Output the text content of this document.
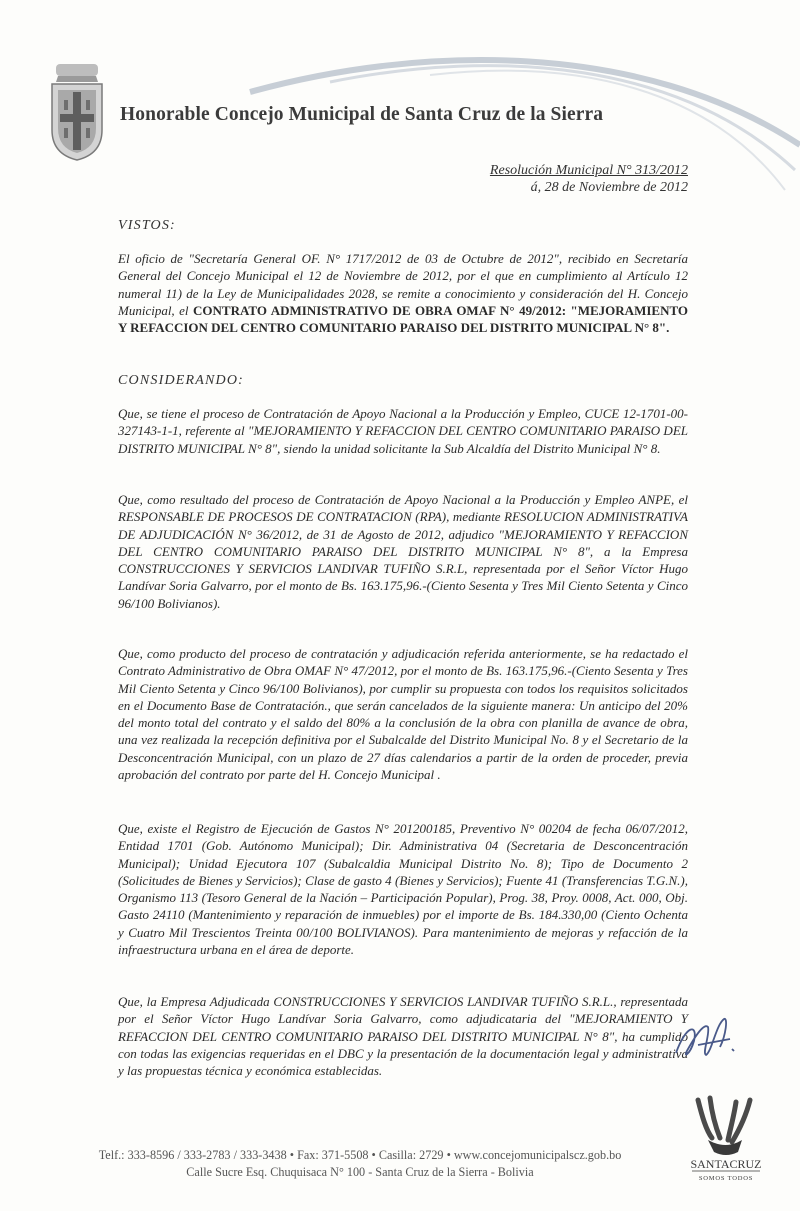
Honorable Concejo Municipal de Santa Cruz de la Sierra
Resolución Municipal N° 313/2012
á, 28 de Noviembre de 2012
VISTOS:

El oficio de "Secretaría General OF. N° 1717/2012 de 03 de Octubre de 2012", recibido en Secretaría General del Concejo Municipal el 12 de Noviembre de 2012, por el que en cumplimiento al Artículo 12 numeral 11) de la Ley de Municipalidades 2028, se remite a conocimiento y consideración del H. Concejo Municipal, el CONTRATO ADMINISTRATIVO DE OBRA OMAF N° 49/2012: "MEJORAMIENTO Y REFACCION DEL CENTRO COMUNITARIO PARAISO DEL DISTRITO MUNICIPAL N° 8".

CONSIDERANDO:

Que, se tiene el proceso de Contratación de Apoyo Nacional a la Producción y Empleo, CUCE 12-1701-00-327143-1-1, referente al "MEJORAMIENTO Y REFACCION DEL CENTRO COMUNITARIO PARAISO DEL DISTRITO MUNICIPAL N° 8", siendo la unidad solicitante la Sub Alcaldía del Distrito Municipal N° 8.

Que, como resultado del proceso de Contratación de Apoyo Nacional a la Producción y Empleo ANPE, el RESPONSABLE DE PROCESOS DE CONTRATACION (RPA), mediante RESOLUCION ADMINISTRATIVA DE ADJUDICACIÓN N° 36/2012, de 31 de Agosto de 2012, adjudico "MEJORAMIENTO Y REFACCION DEL CENTRO COMUNITARIO PARAISO DEL DISTRITO MUNICIPAL N° 8", a la Empresa CONSTRUCCIONES Y SERVICIOS LANDIVAR TUFIÑO S.R.L, representada por el Señor Víctor Hugo Landívar Soria Galvarro, por el monto de Bs. 163.175,96.-(Ciento Sesenta y Tres Mil Ciento Setenta y Cinco 96/100 Bolivianos).

Que, como producto del proceso de contratación y adjudicación referida anteriormente, se ha redactado el Contrato Administrativo de Obra OMAF N° 47/2012, por el monto de Bs. 163.175,96.-(Ciento Sesenta y Tres Mil Ciento Setenta y Cinco 96/100 Bolivianos), por cumplir su propuesta con todos los requisitos solicitados en el Documento Base de Contratación., que serán cancelados de la siguiente manera: Un anticipo del 20% del monto total del contrato y el saldo del 80% a la conclusión de la obra con planilla de avance de obra, una vez realizada la recepción definitiva por el Subalcalde del Distrito Municipal No. 8 y el Secretario de la Desconcentración Municipal, con un plazo de 27 días calendarios a partir de la orden de proceder, previa aprobación del contrato por parte del H. Concejo Municipal .

Que, existe el Registro de Ejecución de Gastos N° 201200185, Preventivo N° 00204 de fecha 06/07/2012, Entidad 1701 (Gob. Autónomo Municipal); Dir. Administrativa 04 (Secretaria de Desconcentración Municipal); Unidad Ejecutora 107 (Subalcaldia Municipal Distrito No. 8); Tipo de Documento 2 (Solicitudes de Bienes y Servicios); Clase de gasto 4 (Bienes y Servicios); Fuente 41 (Transferencias T.G.N.), Organismo 113 (Tesoro General de la Nación – Participación Popular), Prog. 38, Proy. 0008, Act. 000, Obj. Gasto 24110 (Mantenimiento y reparación de inmuebles) por el importe de Bs. 184.330,00 (Ciento Ochenta y Cuatro Mil Trescientos Treinta 00/100 BOLIVIANOS). Para mantenimiento de mejoras y refacción de la infraestructura urbana en el área de deporte.

Que, la Empresa Adjudicada CONSTRUCCIONES Y SERVICIOS LANDIVAR TUFIÑO S.R.L., representada por el Señor Víctor Hugo Landívar Soria Galvarro, como adjudicataria del "MEJORAMIENTO Y REFACCION DEL CENTRO COMUNITARIO PARAISO DEL DISTRITO MUNICIPAL N° 8", ha cumplido con todas las exigencias requeridas en el DBC y la presentación de la documentación legal y administrativa y las propuestas técnica y económica establecidas.

Telf.: 333-8596 / 333-2783 / 333-3438 • Fax: 371-5508 • Casilla: 2729 • www.concejomunicipalscz.gob.bo
Calle Sucre Esq. Chuquisaca N° 100 - Santa Cruz de la Sierra - Bolivia
SANTACRUZ
SOMOS TODOS
